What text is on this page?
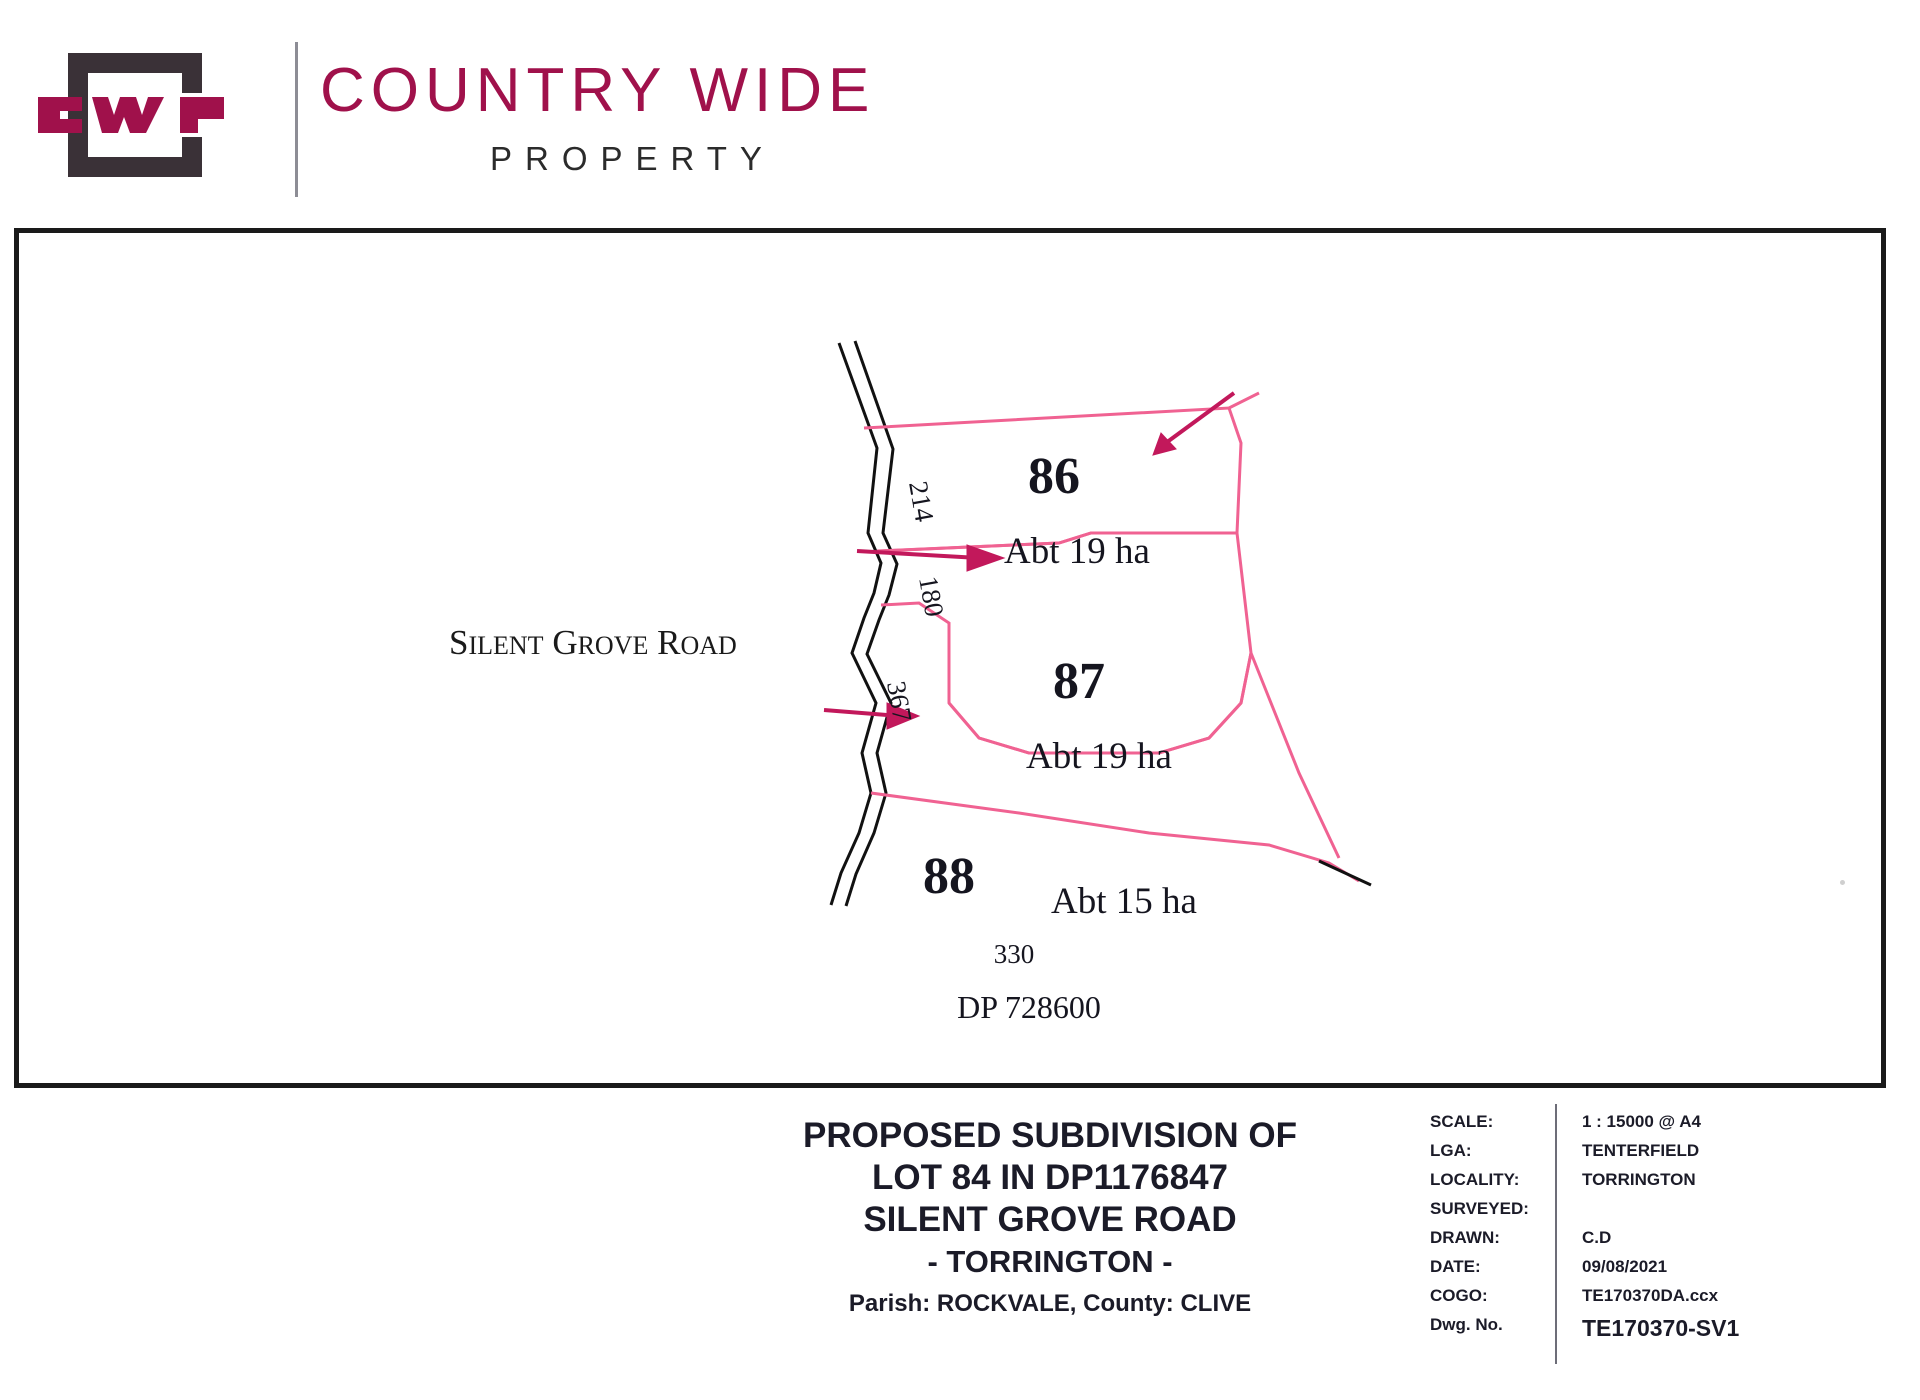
COUNTRY WIDE
PROPERTY
SILENT GROVE ROAD
86
Abt 19 ha
87
Abt 19 ha
88 Abt 15 ha
214
180
367
330
DP 728600
PROPOSED SUBDIVISION OF
LOT 84 IN DP1176847
SILENT GROVE ROAD
- TORRINGTON -
Parish: ROCKVALE, County: CLIVE
SCALE:	1 : 15000 @ A4
LGA:	TENTERFIELD
LOCALITY:	TORRINGTON
SURVEYED:
DRAWN:	C.D
DATE:	09/08/2021
COGO:	TE170370DA.ccx
Dwg. No.	TE170370-SV1
